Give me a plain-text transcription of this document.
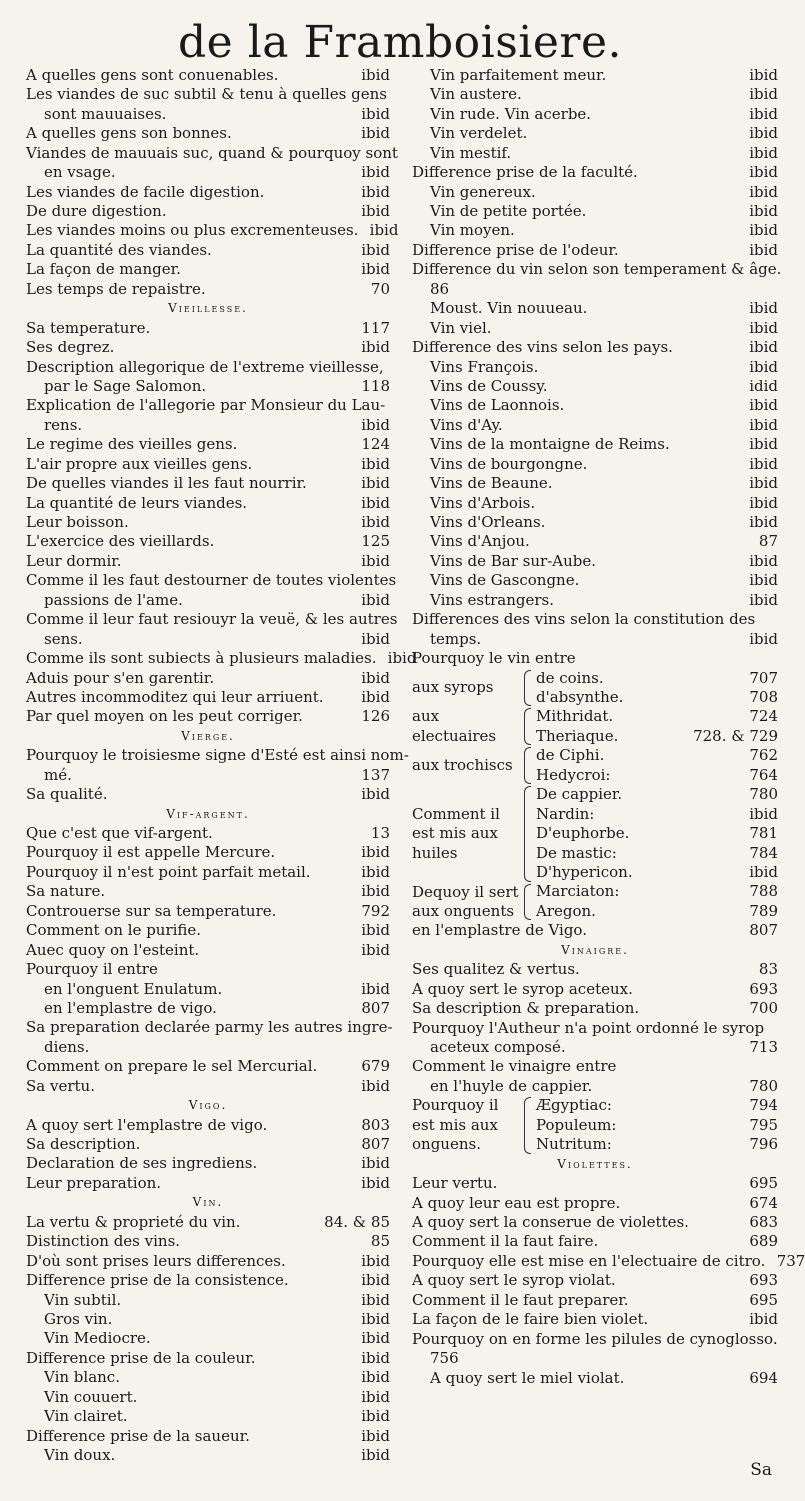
de la Framboisiere.
A quelles gens sont conuenables.	ibid
Les viandes de suc subtil & tenu à quelles gens
sont mauuaises.	ibid
A quelles gens son bonnes.	ibid
Viandes de mauuais suc, quand & pourquoy sont
en vsage.	ibid
Les viandes de facile digestion.	ibid
De dure digestion.	ibid
Les viandes moins ou plus excrementeuses. ibid
La quantité des viandes.	ibid
La façon de manger.	ibid
Les temps de repaistre.	70
Vieillesse.
Sa temperature.	117
Ses degrez.	ibid
Description allegorique de l'extreme vieillesse,
par le Sage Salomon.	118
Explication de l'allegorie par Monsieur du Lau-
rens.	ibid
Le regime des vieilles gens.	124
L'air propre aux vieilles gens.	ibid
De quelles viandes il les faut nourrir.	ibid
La quantité de leurs viandes.	ibid
Leur boisson.	ibid
L'exercice des vieillards.	125
Leur dormir.	ibid
Comme il les faut destourner de toutes violentes
passions de l'ame.	ibid
Comme il leur faut resiouyr la veuë, & les autres
sens.	ibid
Comme ils sont subiects à plusieurs maladies. ibid
Aduis pour s'en garentir.	ibid
Autres incommoditez qui leur arriuent.	ibid
Par quel moyen on les peut corriger.	126
Vierge.
Pourquoy le troisiesme signe d'Esté est ainsi nom-
mé.	137
Sa qualité.	ibid
Vif-argent.
Que c'est que vif-argent.	13
Pourquoy il est appelle Mercure.	ibid
Pourquoy il n'est point parfait metail.	ibid
Sa nature.	ibid
Controuerse sur sa temperature.	792
Comment on le purifie.	ibid
Auec quoy on l'esteint.	ibid
Pourquoy il entre
en l'onguent Enulatum.	ibid
en l'emplastre de vigo.	807
Sa preparation declarée parmy les autres ingre-
diens.
Comment on prepare le sel Mercurial.	679
Sa vertu.	ibid
Vigo.
A quoy sert l'emplastre de vigo.	803
Sa description.	807
Declaration de ses ingrediens.	ibid
Leur preparation.	ibid
Vin.
La vertu & proprieté du vin.	84. & 85
Distinction des vins.	85
D'où sont prises leurs differences.	ibid
Difference prise de la consistence.	ibid
Vin subtil.	ibid
Gros vin.	ibid
Vin Mediocre.	ibid
Difference prise de la couleur.	ibid
Vin blanc.	ibid
Vin couuert.	ibid
Vin clairet.	ibid
Difference prise de la saueur.	ibid
Vin doux.	ibid
Vin parfaitement meur.	ibid
Vin austere.	ibid
Vin rude. Vin acerbe.	ibid
Vin verdelet.	ibid
Vin mestif.	ibid
Difference prise de la faculté.	ibid
Vin genereux.	ibid
Vin de petite portée.	ibid
Vin moyen.	ibid
Difference prise de l'odeur.	ibid
Difference du vin selon son temperament & âge.
86
Moust. Vin nouueau.	ibid
Vin viel.	ibid
Difference des vins selon les pays.	ibid
Vins François.	ibid
Vins de Coussy.	idid
Vins de Laonnois.	ibid
Vins d'Ay.	ibid
Vins de la montaigne de Reims.	ibid
Vins de bourgongne.	ibid
Vins de Beaune.	ibid
Vins d'Arbois.	ibid
Vins d'Orleans.	ibid
Vins d'Anjou.	87
Vins de Bar sur-Aube.	ibid
Vins de Gascongne.	ibid
Vins estrangers.	ibid
Differences des vins selon la constitution des
temps.	ibid
Pourquoy le vin entre
aux syrops
de coins.	707
d'absynthe.	708
aux electuaires
Mithridat.	724
Theriaque.	728. & 729
aux trochiscs
de Ciphi.	762
Hedycroi:	764
Comment il est mis aux huiles
De cappier.	780
Nardin:	ibid
D'euphorbe.	781
De mastic:	784
D'hypericon.	ibid
Dequoy il sert aux onguents
Marciaton:	788
Aregon.	789
en l'emplastre de Vigo.	807
Vinaigre.
Ses qualitez & vertus.	83
A quoy sert le syrop aceteux.	693
Sa description & preparation.	700
Pourquoy l'Autheur n'a point ordonné le syrop
aceteux composé.	713
Comment le vinaigre entre
en l'huyle de cappier.	780
Pourquoy il est mis aux onguens.
Ægyptiac:	794
Populeum:	795
Nutritum:	796
Violettes.
Leur vertu.	695
A quoy leur eau est propre.	674
A quoy sert la conserue de violettes.	683
Comment il la faut faire.	689
Pourquoy elle est mise en l'electuaire de citro. 737
A quoy sert le syrop violat.	693
Comment il le faut preparer.	695
La façon de le faire bien violet.	ibid
Pourquoy on en forme les pilules de cynoglosso.
756
A quoy sert le miel violat.	694
Sa
